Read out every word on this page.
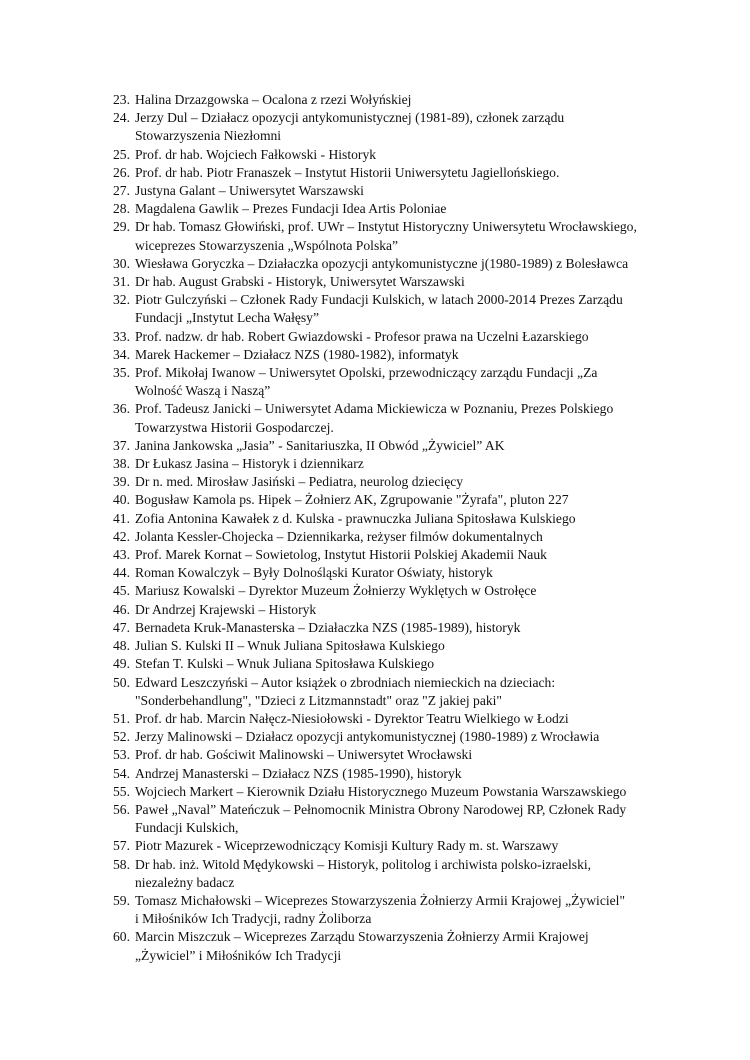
23. Halina Drzazgowska – Ocalona z rzezi Wołyńskiej
24. Jerzy Dul – Działacz opozycji antykomunistycznej (1981-89), członek zarządu
Stowarzyszenia Niezłomni
25. Prof. dr hab. Wojciech Fałkowski - Historyk
26. Prof. dr hab. Piotr Franaszek – Instytut Historii Uniwersytetu Jagiellońskiego.
27. Justyna Galant – Uniwersytet Warszawski
28. Magdalena Gawlik – Prezes Fundacji Idea Artis Poloniae
29. Dr hab. Tomasz Głowiński, prof. UWr – Instytut Historyczny Uniwersytetu Wrocławskiego,
wiceprezes Stowarzyszenia „Wspólnota Polska”
30. Wiesława Goryczka – Działaczka opozycji antykomunistyczne j(1980-1989) z Bolesławca
31. Dr hab. August Grabski - Historyk, Uniwersytet Warszawski
32. Piotr Gulczyński – Członek Rady Fundacji Kulskich, w latach 2000-2014 Prezes Zarządu
Fundacji „Instytut Lecha Wałęsy”
33. Prof. nadzw. dr hab. Robert Gwiazdowski - Profesor prawa na Uczelni Łazarskiego
34. Marek Hackemer – Działacz NZS (1980-1982), informatyk
35. Prof. Mikołaj Iwanow – Uniwersytet Opolski, przewodniczący zarządu Fundacji „Za
Wolność Waszą i Naszą”
36. Prof. Tadeusz Janicki – Uniwersytet Adama Mickiewicza w Poznaniu, Prezes Polskiego
Towarzystwa Historii Gospodarczej.
37. Janina Jankowska „Jasia” - Sanitariuszka, II Obwód „Żywiciel” AK
38. Dr Łukasz Jasina – Historyk i dziennikarz
39. Dr n. med. Mirosław Jasiński – Pediatra, neurolog dziecięcy
40. Bogusław Kamola ps. Hipek – Żołnierz AK, Zgrupowanie "Żyrafa", pluton 227
41. Zofia Antonina Kawałek z d. Kulska - prawnuczka Juliana Spitosława Kulskiego
42. Jolanta Kessler-Chojecka – Dziennikarka, reżyser filmów dokumentalnych
43. Prof. Marek Kornat – Sowietolog, Instytut Historii Polskiej Akademii Nauk
44. Roman Kowalczyk – Były Dolnośląski Kurator Oświaty, historyk
45. Mariusz Kowalski – Dyrektor Muzeum Żołnierzy Wyklętych w Ostrołęce
46. Dr Andrzej Krajewski – Historyk
47. Bernadeta Kruk-Manasterska – Działaczka NZS (1985-1989), historyk
48. Julian S. Kulski II – Wnuk Juliana Spitosława Kulskiego
49. Stefan T. Kulski – Wnuk Juliana Spitosława Kulskiego
50. Edward Leszczyński – Autor książek o zbrodniach niemieckich na dzieciach:
"Sonderbehandlung", "Dzieci z Litzmannstadt" oraz "Z jakiej paki"
51. Prof. dr hab. Marcin Nałęcz-Niesiołowski - Dyrektor Teatru Wielkiego w Łodzi
52. Jerzy Malinowski – Działacz opozycji antykomunistycznej (1980-1989) z Wrocławia
53. Prof. dr hab. Gościwit Malinowski – Uniwersytet Wrocławski
54. Andrzej Manasterski – Działacz NZS (1985-1990), historyk
55. Wojciech Markert – Kierownik Działu Historycznego Muzeum Powstania Warszawskiego
56. Paweł „Naval” Mateńczuk – Pełnomocnik Ministra Obrony Narodowej RP, Członek Rady
Fundacji Kulskich,
57. Piotr Mazurek - Wiceprzewodniczący Komisji Kultury Rady m. st. Warszawy
58. Dr hab. inż. Witold Mędykowski – Historyk, politolog i archiwista polsko-izraelski,
niezależny badacz
59. Tomasz Michałowski – Wiceprezes Stowarzyszenia Żołnierzy Armii Krajowej „Żywiciel"
i Miłośników Ich Tradycji, radny Żoliborza
60. Marcin Miszczuk – Wiceprezes Zarządu Stowarzyszenia Żołnierzy Armii Krajowej
„Żywiciel” i Miłośników Ich Tradycji
